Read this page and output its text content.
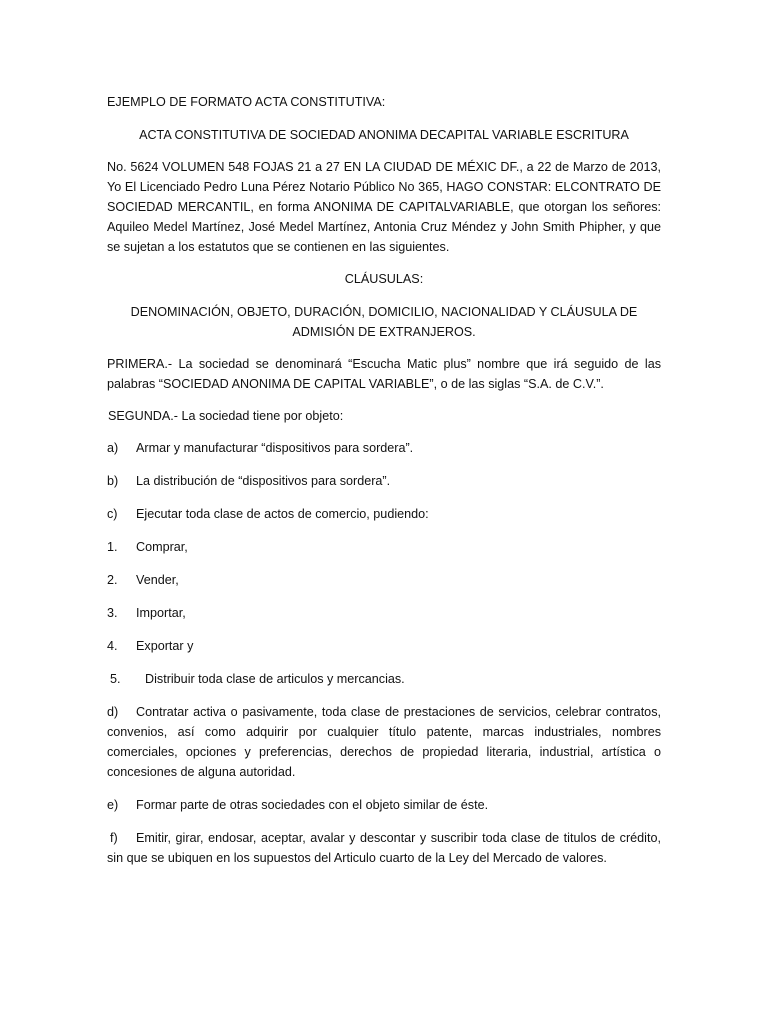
EJEMPLO DE FORMATO ACTA CONSTITUTIVA:

ACTA CONSTITUTIVA DE SOCIEDAD ANONIMA DECAPITAL VARIABLE ESCRITURA

No. 5624 VOLUMEN 548 FOJAS 21 a 27 EN LA CIUDAD DE MÉXIC DF., a 22 de Marzo de 2013, Yo El Licenciado Pedro Luna Pérez Notario Público No 365, HAGO CONSTAR: ELCONTRATO DE SOCIEDAD MERCANTIL, en forma ANONIMA DE CAPITALVARIABLE, que otorgan los señores: Aquileo Medel Martínez, José Medel Martínez, Antonia Cruz Méndez y John Smith Phipher, y que se sujetan a los estatutos que se contienen en las siguientes.

CLÁUSULAS:

DENOMINACIÓN, OBJETO, DURACIÓN, DOMICILIO, NACIONALIDAD Y CLÁUSULA DE ADMISIÓN DE EXTRANJEROS.

PRIMERA.- La sociedad se denominará “Escucha Matic plus” nombre que irá seguido de las palabras “SOCIEDAD ANONIMA DE CAPITAL VARIABLE”, o de las siglas “S.A. de C.V.”.

SEGUNDA.- La sociedad tiene por objeto:

a)	Armar y manufacturar “dispositivos para sordera”.
b)	La distribución de “dispositivos para sordera”.
c)	Ejecutar toda clase de actos de comercio, pudiendo:
1.	Comprar,
2.	Vender,
3.	Importar,
4.	Exportar y
5.	Distribuir toda clase de articulos y mercancias.

d) Contratar activa o pasivamente, toda clase de prestaciones de servicios, celebrar contratos, convenios, así como adquirir por cualquier título patente, marcas industriales, nombres comerciales, opciones y preferencias, derechos de propiedad literaria, industrial, artística o concesiones de alguna autoridad.

e) Formar parte de otras sociedades con el objeto similar de éste.

f) Emitir, girar, endosar, aceptar, avalar y descontar y suscribir toda clase de titulos de crédito, sin que se ubiquen en los supuestos del Articulo cuarto de la Ley del Mercado de valores.
